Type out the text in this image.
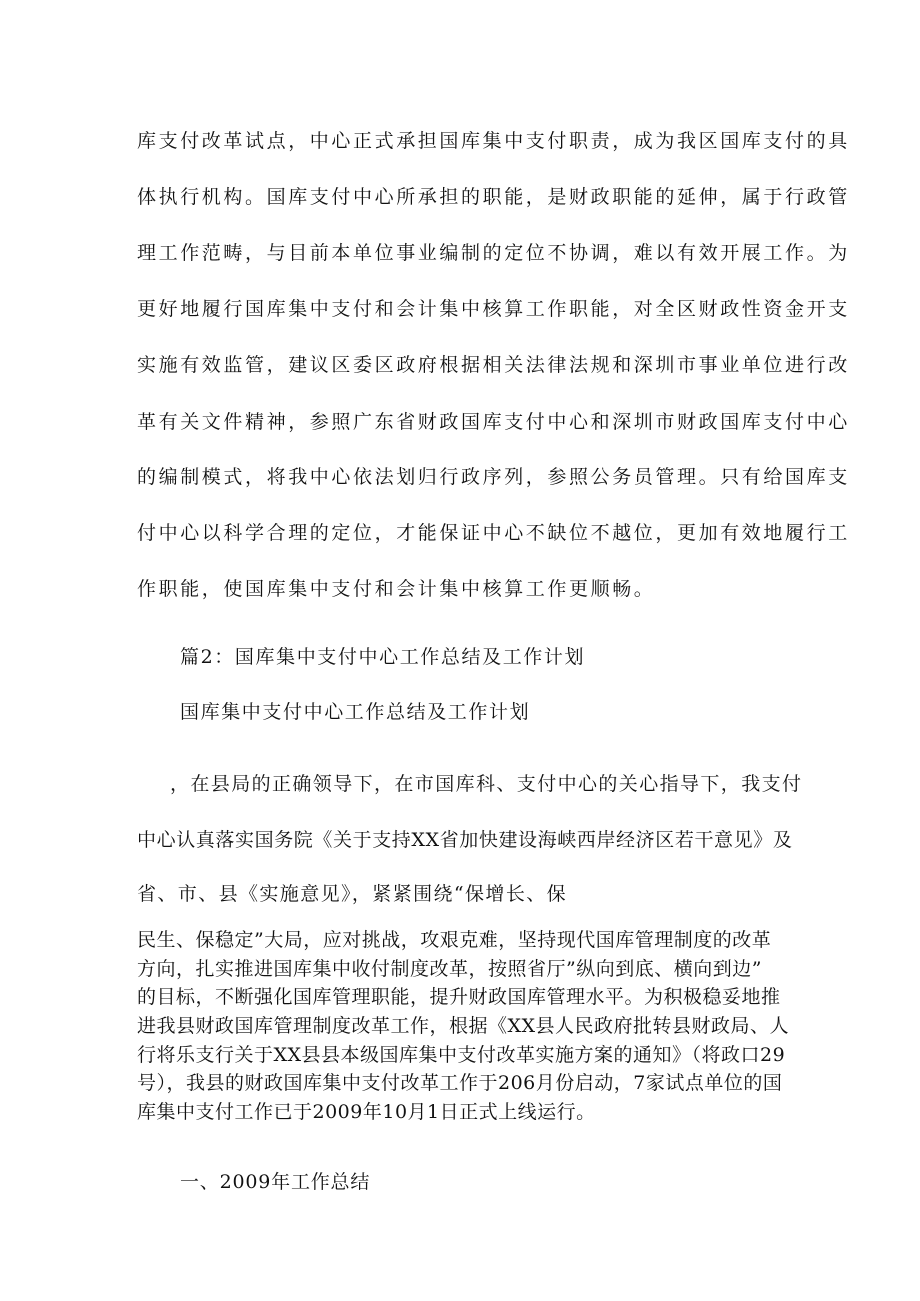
库支付改革试点，中心正式承担国库集中支付职责，成为我区国库支付的具
体执行机构。国库支付中心所承担的职能，是财政职能的延伸，属于行政管
理工作范畴，与目前本单位事业编制的定位不协调，难以有效开展工作。为
更好地履行国库集中支付和会计集中核算工作职能，对全区财政性资金开支
实施有效监管，建议区委区政府根据相关法律法规和深圳市事业单位进行改
革有关文件精神，参照广东省财政国库支付中心和深圳市财政国库支付中心
的编制模式，将我中心依法划归行政序列，参照公务员管理。只有给国库支
付中心以科学合理的定位，才能保证中心不缺位不越位，更加有效地履行工
作职能，使国库集中支付和会计集中核算工作更顺畅。
篇2：国库集中支付中心工作总结及工作计划
国库集中支付中心工作总结及工作计划
，在县局的正确领导下，在市国库科、支付中心的关心指导下，我支付
中心认真落实国务院《关于支持XX省加快建设海峡西岸经济区若干意见》及
省、市、县《实施意见》，紧紧围绕“保增长、保
民生、保稳定”大局，应对挑战，攻艰克难，坚持现代国库管理制度的改革
方向，扎实推进国库集中收付制度改革，按照省厅”纵向到底、横向到边”
的目标，不断强化国库管理职能，提升财政国库管理水平。为积极稳妥地推
进我县财政国库管理制度改革工作，根据《XX县人民政府批转县财政局、人
行将乐支行关于XX县县本级国库集中支付改革实施方案的通知》（将政口29
号），我县的财政国库集中支付改革工作于206月份启动，7家试点单位的国
库集中支付工作已于2009年10月1日正式上线运行。
一、2009年工作总结
